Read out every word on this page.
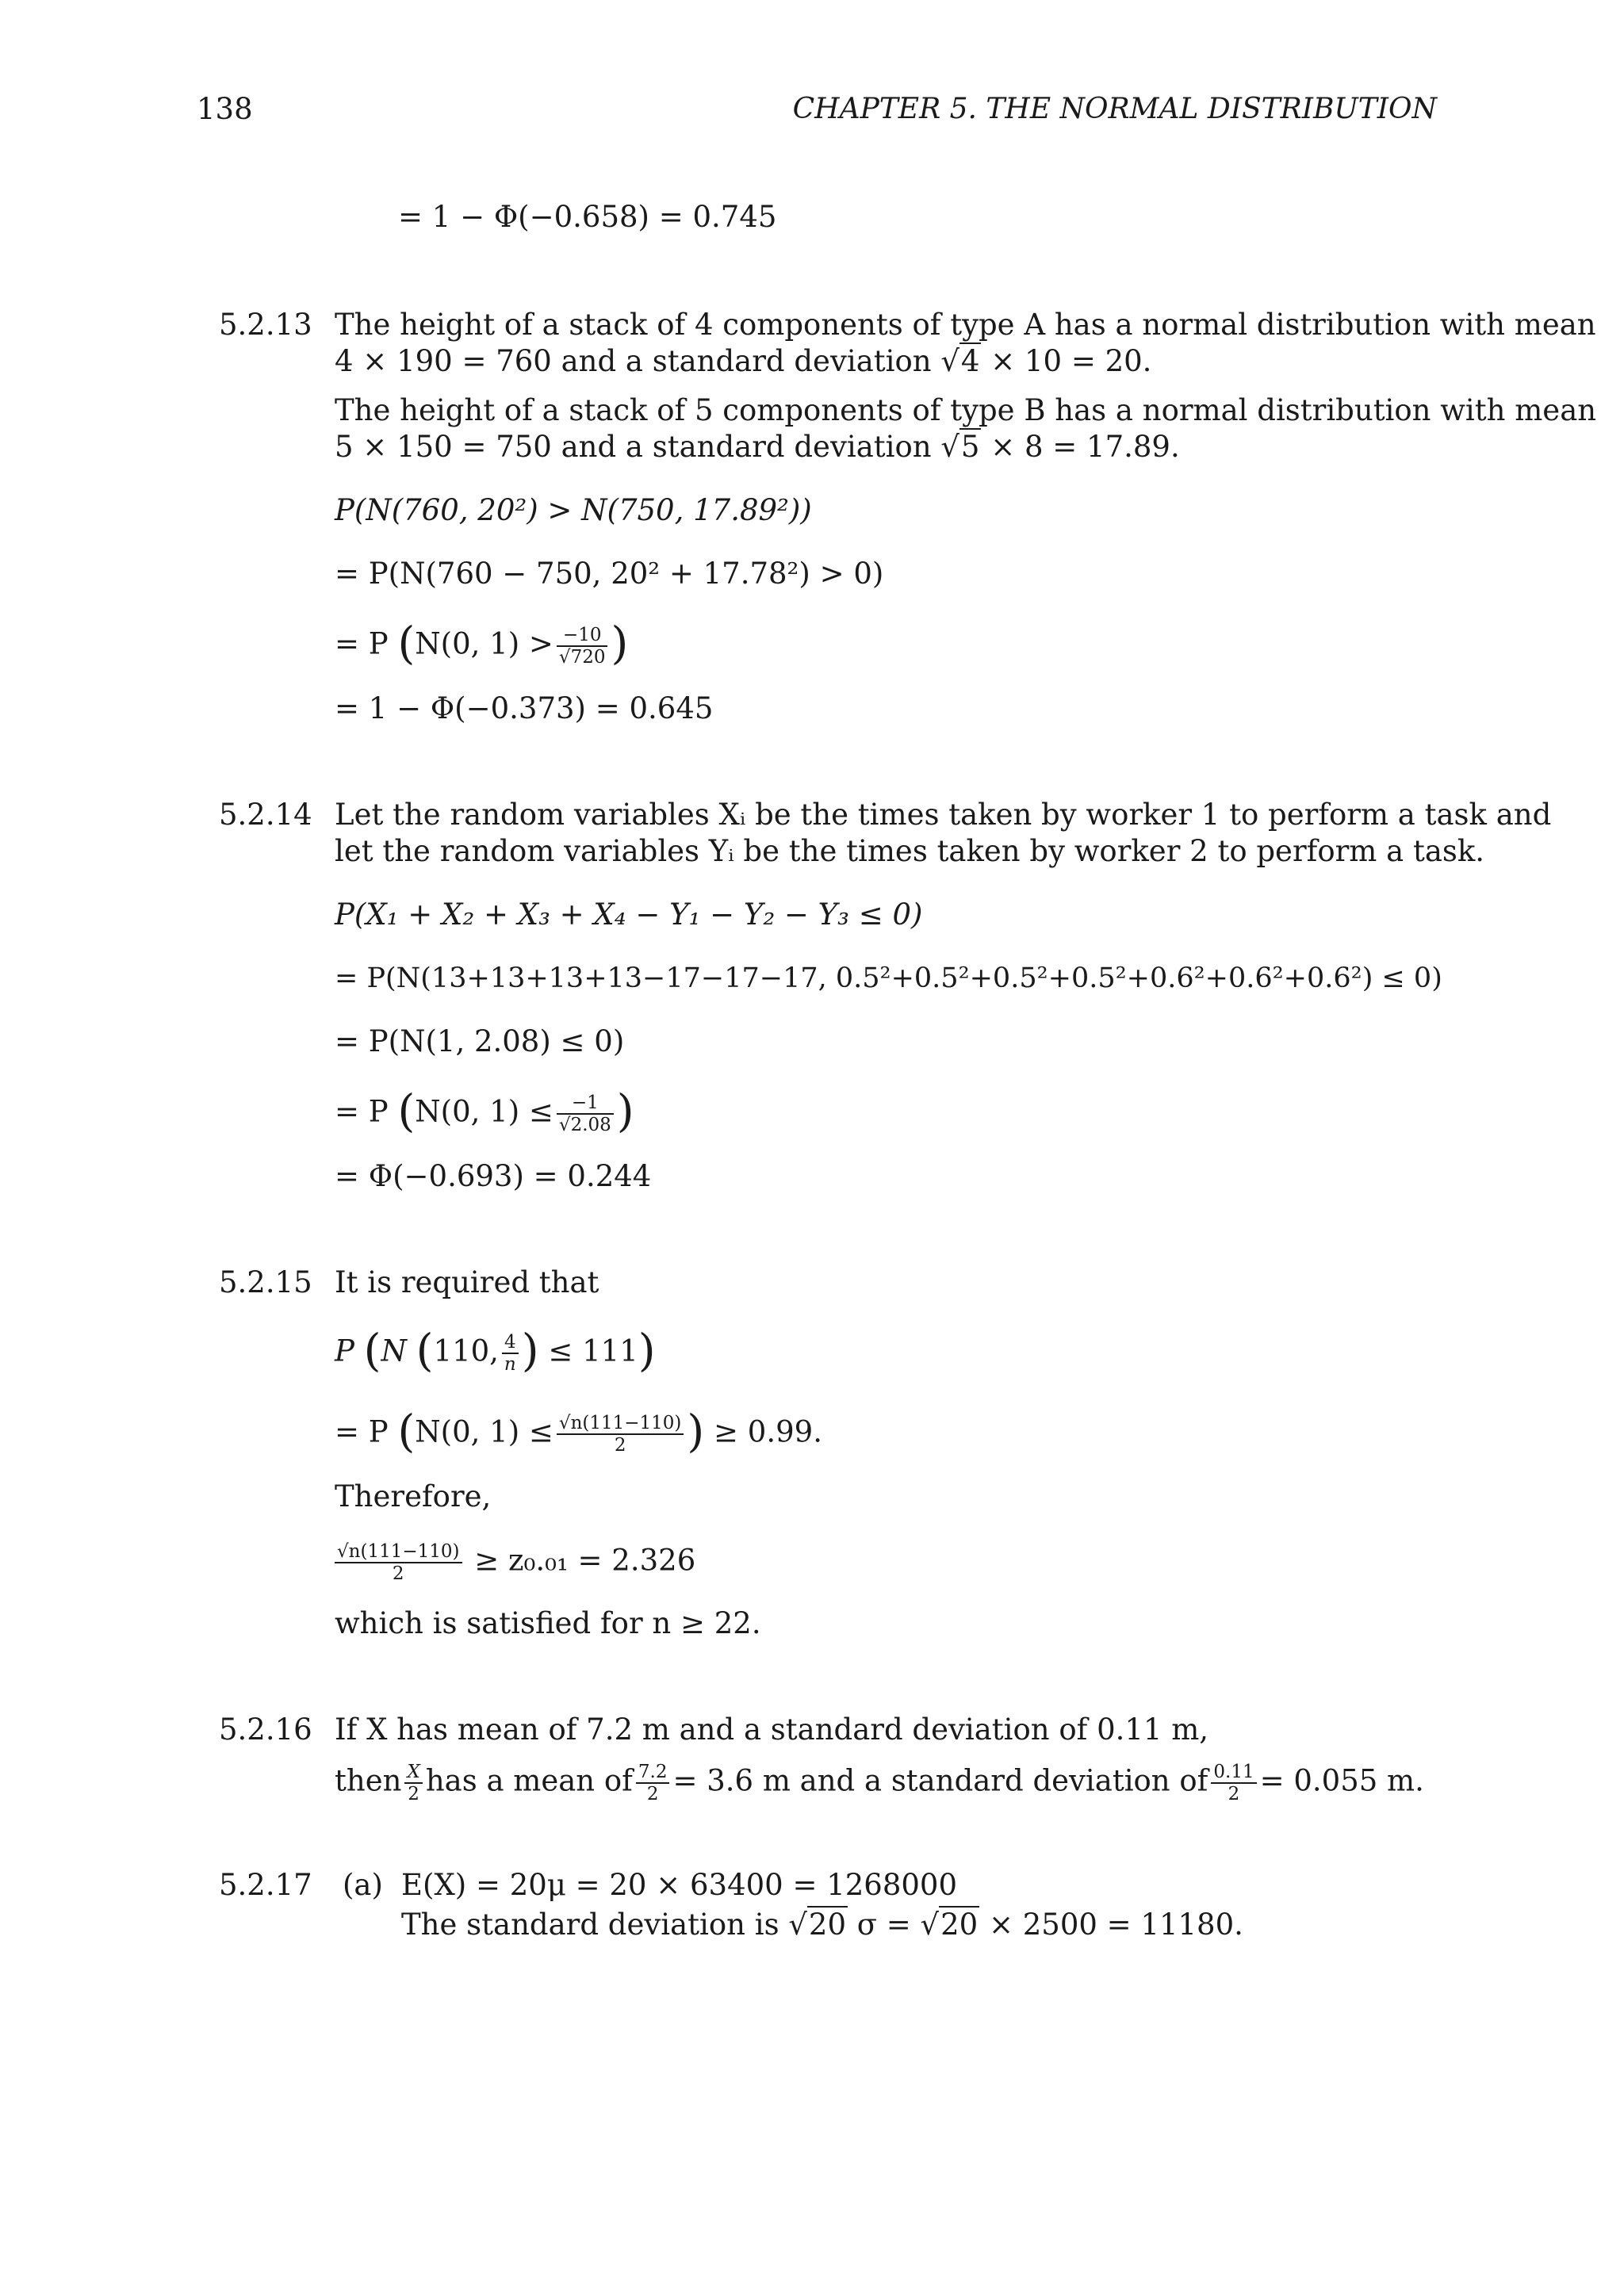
138	CHAPTER 5. THE NORMAL DISTRIBUTION
= 1 − Φ(−0.658) = 0.745
5.2.13 The height of a stack of 4 components of type A has a normal distribution with mean
4 × 190 = 760 and a standard deviation √4 × 10 = 20.
The height of a stack of 5 components of type B has a normal distribution with mean
5 × 150 = 750 and a standard deviation √5 × 8 = 17.89.
P(N(760, 20²) > N(750, 17.89²))
= P(N(760 − 750, 20² + 17.78²) > 0)
= P (N(0, $1) > \frac{-10}{√720}$ )
= 1 − Φ(−0.373) = 0.645
5.2.14 Let the random variables Xᵢ be the times taken by worker 1 to perform a task and
let the random variables Yᵢ be the times taken by worker 2 to perform a task.
P(X₁ + X₂ + X₃ + X₄ − Y₁ − Y₂ − Y₃ ≤ 0)
= P(N(13+13+13+13−17−17−17, 0.5²+0.5²+0.5²+0.5²+0.6²+0.6²+0.6²) ≤ 0)
= P(N(1, 2.08) ≤ 0)
= P (N(0, $1) \le \frac{-1}{√2.08}$ )
= Φ(−0.693) = 0.244
5.2.15 It is required that
P (N (110, $\frac{4}{n}$ ) ≤ 111)
= P (N(0, $1) \le \frac{√n(111-110)}{2}$ ) ≥ 0.99.
Therefore,
$\frac{√n(111-110)}{2} \ge z_0._{01} = 2.326$
which is satisfied for n ≥ 22.
5.2.16 If X has mean of 7.2 m and a standard deviation of 0.11 m,
then $\frac{X}{2}$ has a mean of $\frac{7.2}{2} = 3.6$ m and a standard deviation of $\frac{0.11}{2} = 0.055$ m.
5.2.17 (a) E(X) = 20μ = 20 × 63400 = 1268000
The standard deviation is √20 σ = √20 × 2500 = 11180.
